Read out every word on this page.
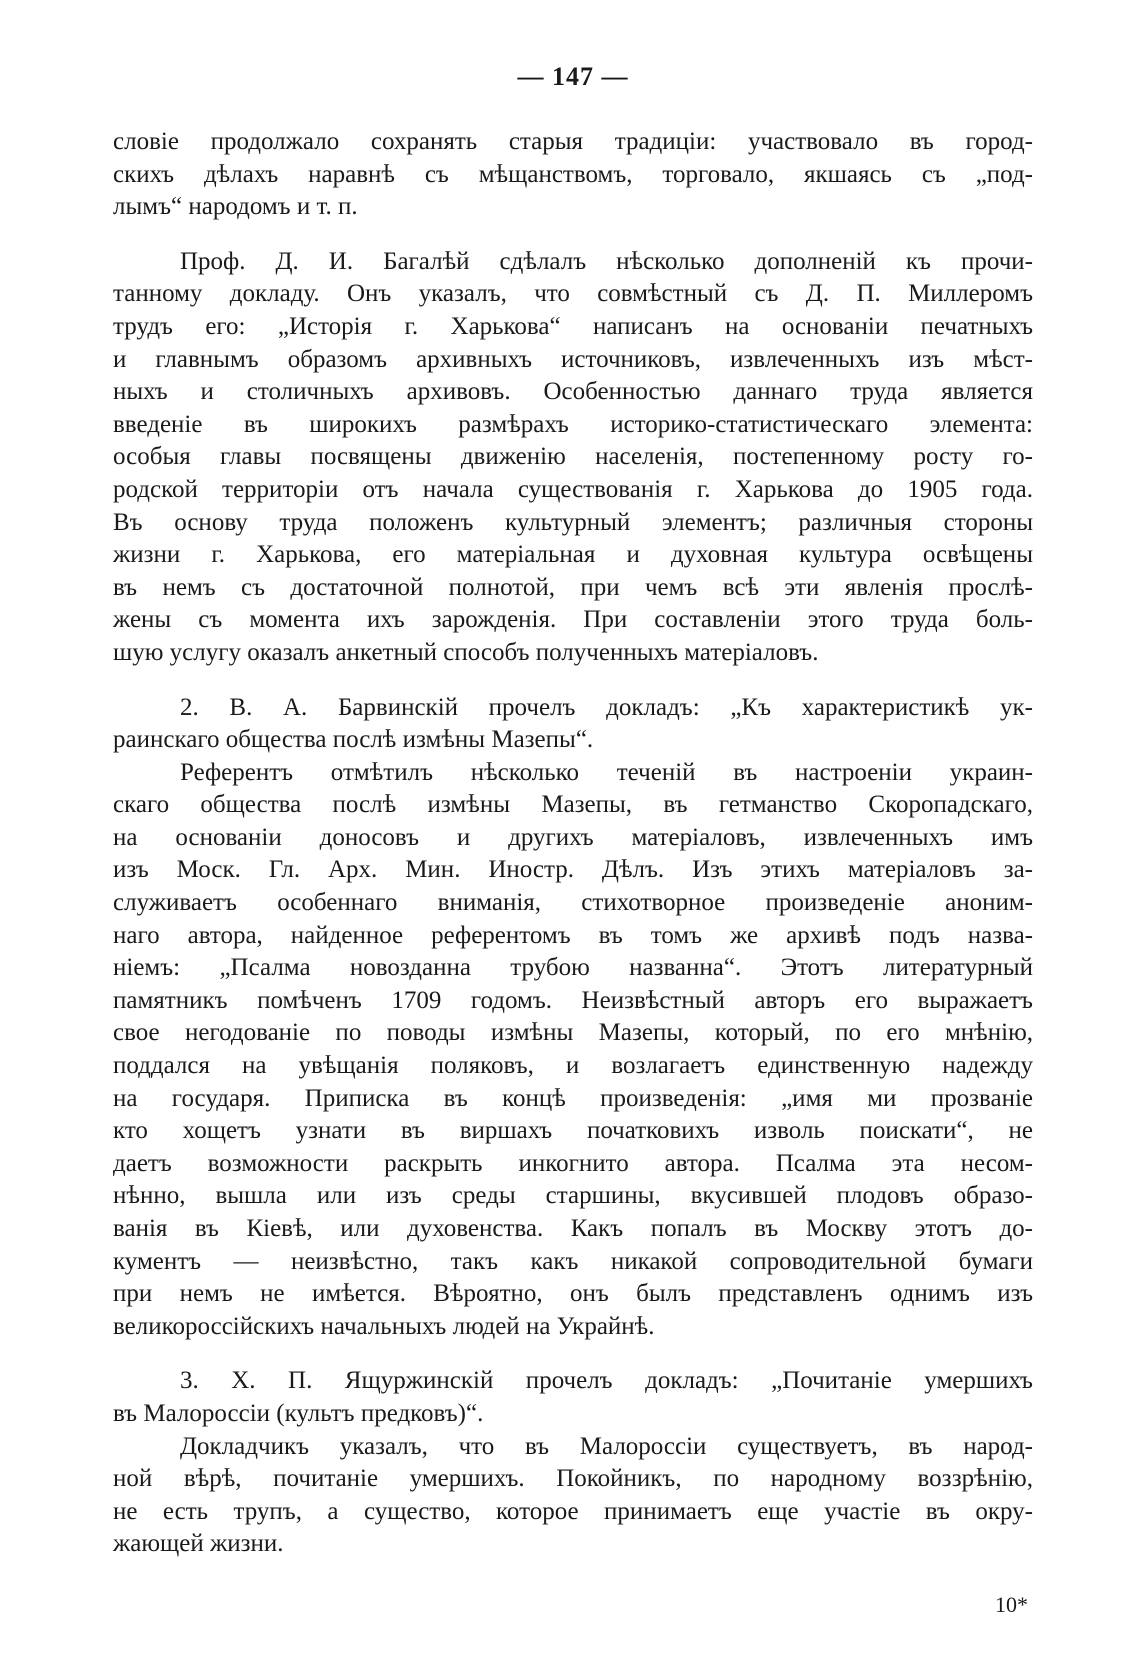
— 147 —
словіе продолжало сохранять старыя традиціи: участвовало въ город-
скихъ дѣлахъ наравнѣ съ мѣщанствомъ, торговало, якшаясь съ „под-
лымъ“ народомъ и т. п.
Проф. Д. И. Багалѣй сдѣлалъ нѣсколько дополненій къ прочи-
танному докладу. Онъ указалъ, что совмѣстный съ Д. П. Миллеромъ
трудъ его: „Исторія г. Харькова“ написанъ на основаніи печатныхъ
и главнымъ образомъ архивныхъ источниковъ, извлеченныхъ изъ мѣст-
ныхъ и столичныхъ архивовъ. Особенностью даннаго труда является
введеніе въ широкихъ размѣрахъ историко-статистическаго элемента:
особыя главы посвящены движенію населенія, постепенному росту го-
родской территоріи отъ начала существованія г. Харькова до 1905 года.
Въ основу труда положенъ культурный элементъ; различныя стороны
жизни г. Харькова, его матеріальная и духовная культура освѣщены
въ немъ съ достаточной полнотой, при чемъ всѣ эти явленія прослѣ-
жены съ момента ихъ зарожденія. При составленіи этого труда боль-
шую услугу оказалъ анкетный способъ полученныхъ матеріаловъ.
2. В. А. Барвинскій прочелъ докладъ: „Къ характеристикѣ ук-
раинскаго общества послѣ измѣны Мазепы“.
Референтъ отмѣтилъ нѣсколько теченій въ настроеніи украин-
скаго общества послѣ измѣны Мазепы, въ гетманство Скоропадскаго,
на основаніи доносовъ и другихъ матеріаловъ, извлеченныхъ имъ
изъ Моск. Гл. Арх. Мин. Иностр. Дѣлъ. Изъ этихъ матеріаловъ за-
служиваетъ особеннаго вниманія, стихотворное произведеніе аноним-
наго автора, найденное референтомъ въ томъ же архивѣ подъ назва-
ніемъ: „Псалма новозданна трубою названна“. Этотъ литературный
памятникъ помѣченъ 1709 годомъ. Неизвѣстный авторъ его выражаетъ
свое негодованіе по поводы измѣны Мазепы, который, по его мнѣнію,
поддался на увѣщанія поляковъ, и возлагаетъ единственную надежду
на государя. Приписка въ концѣ произведенія: „имя ми прозваніе
кто хощетъ узнати въ виршахъ початковихъ изволь поискати“, не
даетъ возможности раскрыть инкогнито автора. Псалма эта несом-
нѣнно, вышла или изъ среды старшины, вкусившей плодовъ образо-
ванія въ Кіевѣ, или духовенства. Какъ попалъ въ Москву этотъ до-
кументъ — неизвѣстно, такъ какъ никакой сопроводительной бумаги
при немъ не имѣется. Вѣроятно, онъ былъ представленъ однимъ изъ
великороссійскихъ начальныхъ людей на Украйнѣ.
3. Х. П. Ящуржинскій прочелъ докладъ: „Почитаніе умершихъ
въ Малороссіи (культъ предковъ)“.
Докладчикъ указалъ, что въ Малороссіи существуетъ, въ народ-
ной вѣрѣ, почитаніе умершихъ. Покойникъ, по народному воззрѣнію,
не есть трупъ, а существо, которое принимаетъ еще участіе въ окру-
жающей жизни.
10*
